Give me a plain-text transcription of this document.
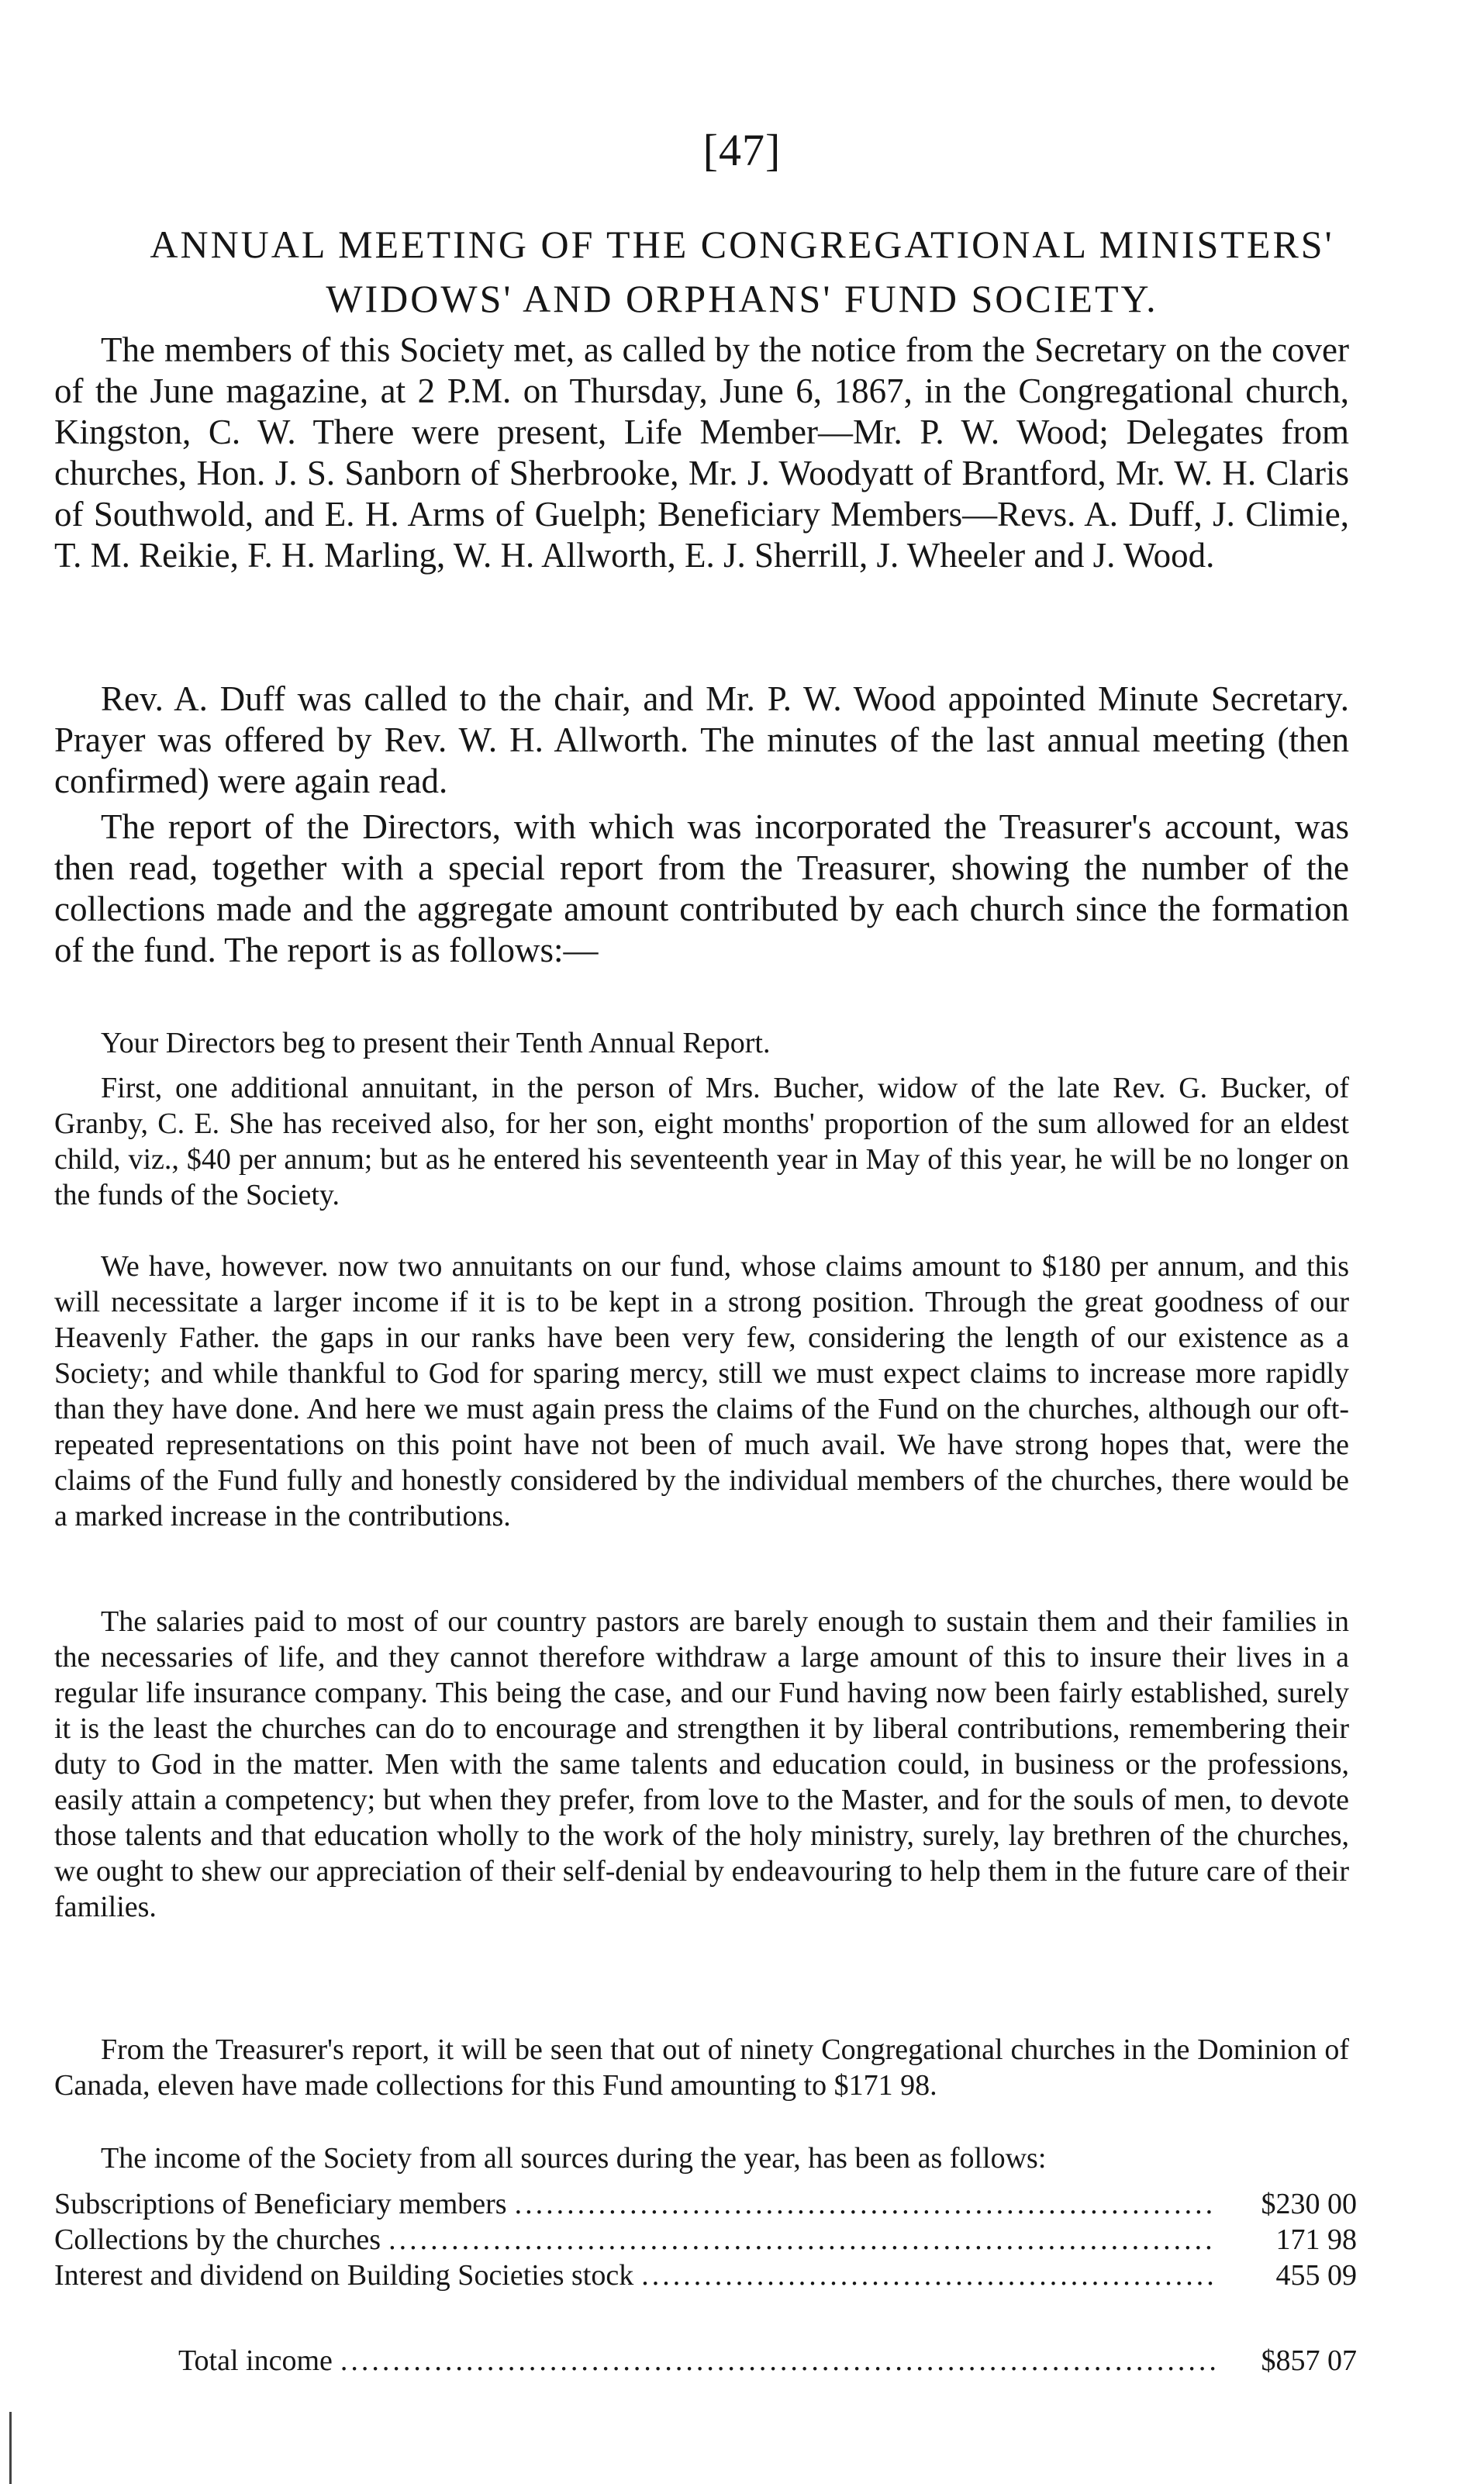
[47]
ANNUAL MEETING OF THE CONGREGATIONAL MINISTERS'
WIDOWS' AND ORPHANS' FUND SOCIETY.

The members of this Society met, as called by the notice from the Secretary on the cover of the June magazine, at 2 P.M. on Thursday, June 6, 1867, in the Congregational church, Kingston, C. W. There were present, Life Member—Mr. P. W. Wood; Delegates from churches, Hon. J. S. Sanborn of Sherbrooke, Mr. J. Woodyatt of Brantford, Mr. W. H. Claris of Southwold, and E. H. Arms of Guelph; Beneficiary Members—Revs. A. Duff, J. Climie, T. M. Reikie, F. H. Marling, W. H. Allworth, E. J. Sherrill, J. Wheeler and J. Wood.

Rev. A. Duff was called to the chair, and Mr. P. W. Wood appointed Minute Secretary. Prayer was offered by Rev. W. H. Allworth. The minutes of the last annual meeting (then confirmed) were again read.

The report of the Directors, with which was incorporated the Treasurer's account, was then read, together with a special report from the Treasurer, showing the number of the collections made and the aggregate amount contributed by each church since the formation of the fund. The report is as follows:—

Your Directors beg to present their Tenth Annual Report.

First, one additional annuitant, in the person of Mrs. Bucher, widow of the late Rev. G. Bucker, of Granby, C. E. She has received also, for her son, eight months' proportion of the sum allowed for an eldest child, viz., $40 per annum; but as he entered his seventeenth year in May of this year, he will be no longer on the funds of the Society.

We have, however. now two annuitants on our fund, whose claims amount to $180 per annum, and this will necessitate a larger income if it is to be kept in a strong position. Through the great goodness of our Heavenly Father. the gaps in our ranks have been very few, considering the length of our existence as a Society; and while thankful to God for sparing mercy, still we must expect claims to increase more rapidly than they have done. And here we must again press the claims of the Fund on the churches, although our oft-repeated representations on this point have not been of much avail. We have strong hopes that, were the claims of the Fund fully and honestly considered by the individual members of the churches, there would be a marked increase in the contributions.

The salaries paid to most of our country pastors are barely enough to sustain them and their families in the necessaries of life, and they cannot therefore withdraw a large amount of this to insure their lives in a regular life insurance company. This being the case, and our Fund having now been fairly established, surely it is the least the churches can do to encourage and strengthen it by liberal contributions, remembering their duty to God in the matter. Men with the same talents and education could, in business or the professions, easily attain a competency; but when they prefer, from love to the Master, and for the souls of men, to devote those talents and that education wholly to the work of the holy ministry, surely, lay brethren of the churches, we ought to shew our appreciation of their self-denial by endeavouring to help them in the future care of their families.

From the Treasurer's report, it will be seen that out of ninety Congregational churches in the Dominion of Canada, eleven have made collections for this Fund amounting to $171 98.

The income of the Society from all sources during the year, has been as follows:

Subscriptions of Beneficiary members .....	$230 00
Collections by the churches .....	171 98
Interest and dividend on Building Societies stock .....	455 09
Total income .....	$857 07
